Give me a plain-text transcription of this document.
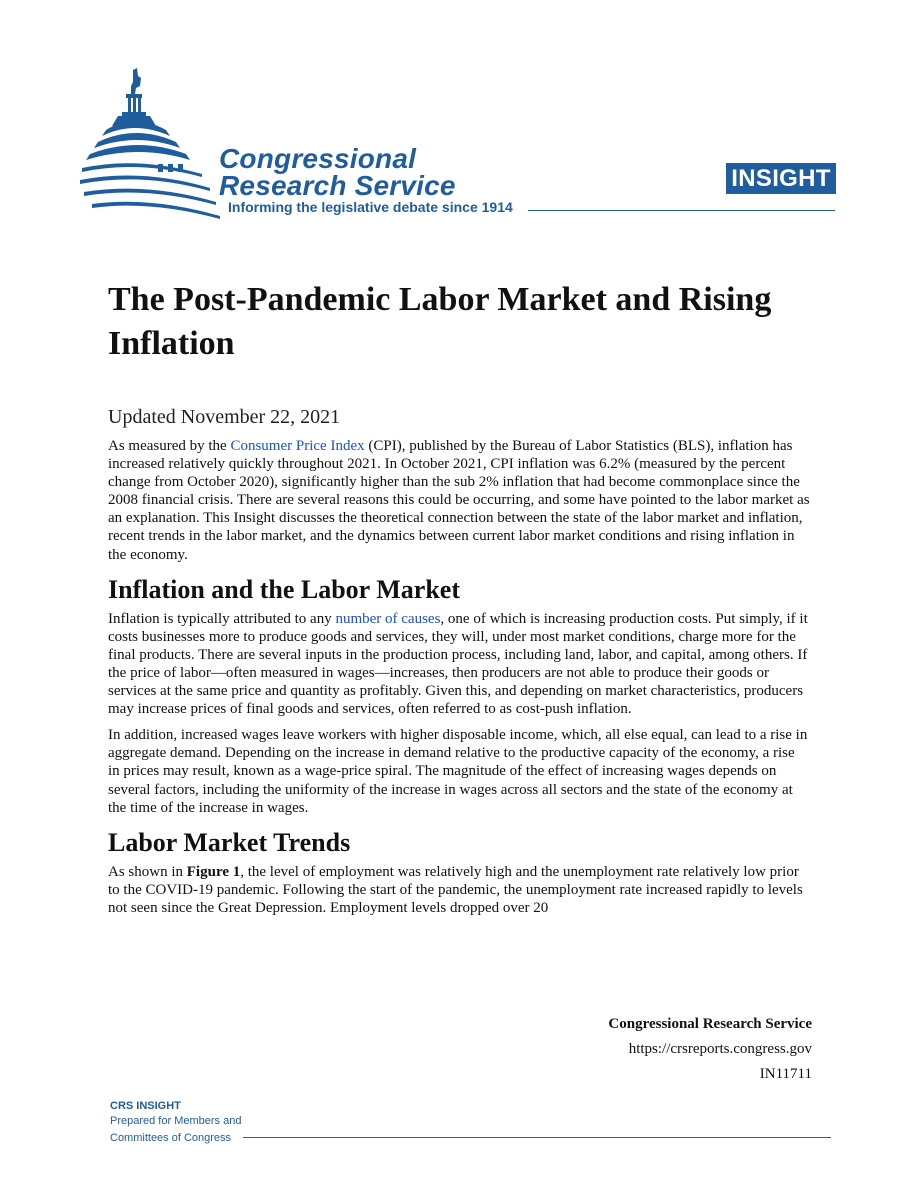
Congressional
Research Service
Informing the legislative debate since 1914
INSIGHT
The Post-Pandemic Labor Market and Rising Inflation
Updated November 22, 2021

As measured by the Consumer Price Index (CPI), published by the Bureau of Labor Statistics (BLS), inflation has increased relatively quickly throughout 2021. In October 2021, CPI inflation was 6.2% (measured by the percent change from October 2020), significantly higher than the sub 2% inflation that had become commonplace since the 2008 financial crisis. There are several reasons this could be occurring, and some have pointed to the labor market as an explanation. This Insight discusses the theoretical connection between the state of the labor market and inflation, recent trends in the labor market, and the dynamics between current labor market conditions and rising inflation in the economy.

Inflation and the Labor Market

Inflation is typically attributed to any number of causes, one of which is increasing production costs. Put simply, if it costs businesses more to produce goods and services, they will, under most market conditions, charge more for the final products. There are several inputs in the production process, including land, labor, and capital, among others. If the price of labor—often measured in wages—increases, then producers are not able to produce their goods or services at the same price and quantity as profitably. Given this, and depending on market characteristics, producers may increase prices of final goods and services, often referred to as cost-push inflation.

In addition, increased wages leave workers with higher disposable income, which, all else equal, can lead to a rise in aggregate demand. Depending on the increase in demand relative to the productive capacity of the economy, a rise in prices may result, known as a wage-price spiral. The magnitude of the effect of increasing wages depends on several factors, including the uniformity of the increase in wages across all sectors and the state of the economy at the time of the increase in wages.

Labor Market Trends

As shown in Figure 1, the level of employment was relatively high and the unemployment rate relatively low prior to the COVID-19 pandemic. Following the start of the pandemic, the unemployment rate increased rapidly to levels not seen since the Great Depression. Employment levels dropped over 20

Congressional Research Service
https://crsreports.congress.gov
IN11711
CRS INSIGHT
Prepared for Members and
Committees of Congress
